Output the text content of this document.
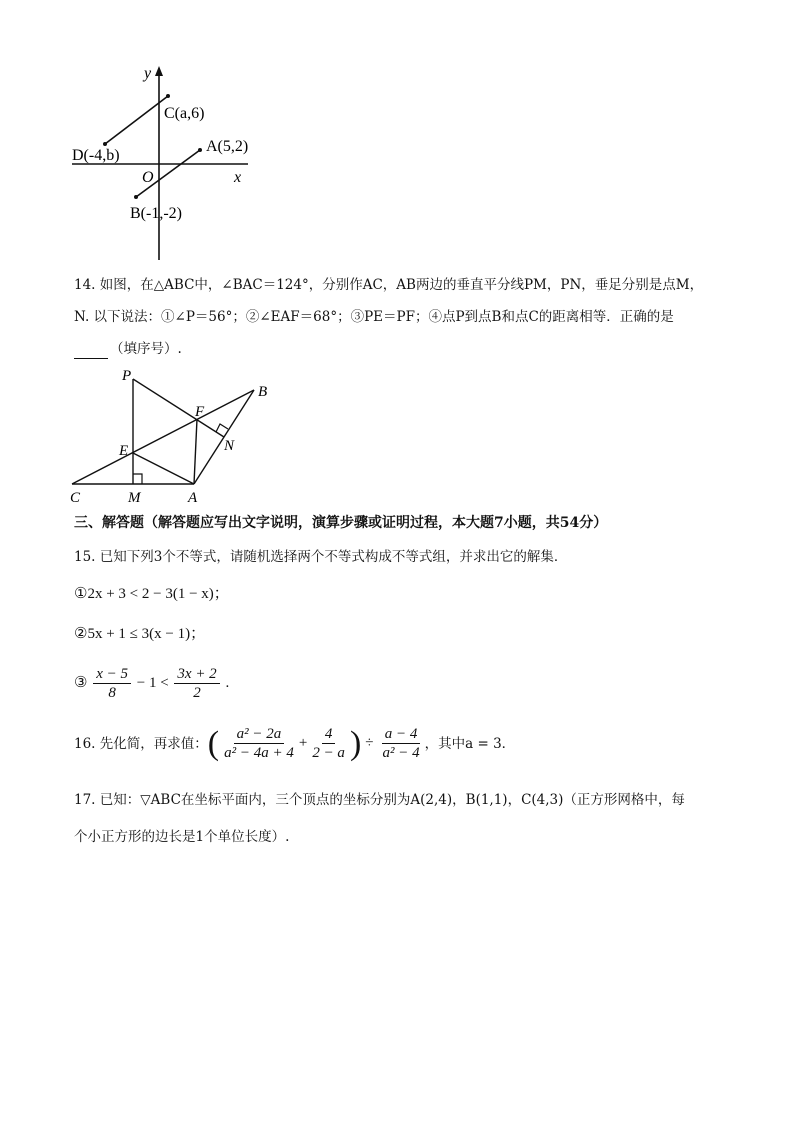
y
x
O
C(a,6)
A(5,2)
D(-4,b)
B(-1,-2)
14. 如图，在△ABC中，∠BAC＝124°，分别作AC，AB两边的垂直平分线PM，PN，垂足分别是点M，
N. 以下说法：①∠P＝56°；②∠EAF＝68°；③PE＝PF；④点P到点B和点C的距离相等．正确的是
（填序号）.
P
B
F
N
E
C	M	A
三、解答题（解答题应写出文字说明，演算步骤或证明过程，本大题7小题，共54分）
15. 已知下列3个不等式，请随机选择两个不等式构成不等式组，并求出它的解集．
①2x + 3 < 2 − 3(1 − x)；
②5x + 1 ≤ 3(x − 1)；
③ $\frac{x - 5}{8} - 1 < \frac{3x + 2}{2}$ .
16. 先化简，再求值： ( $\frac{\text{a² − 2a}}{\text{a² − 4a + 4}} + \frac{4}{2 - a}$ ) ÷ $\frac{a - 4}{\text{a² − 4}}$ ，其中a = 3．
17. 已知：▽ABC在坐标平面内，三个顶点的坐标分别为A(2,4)，B(1,1)，C(4,3)（正方形网格中，每
个小正方形的边长是1个单位长度）.
